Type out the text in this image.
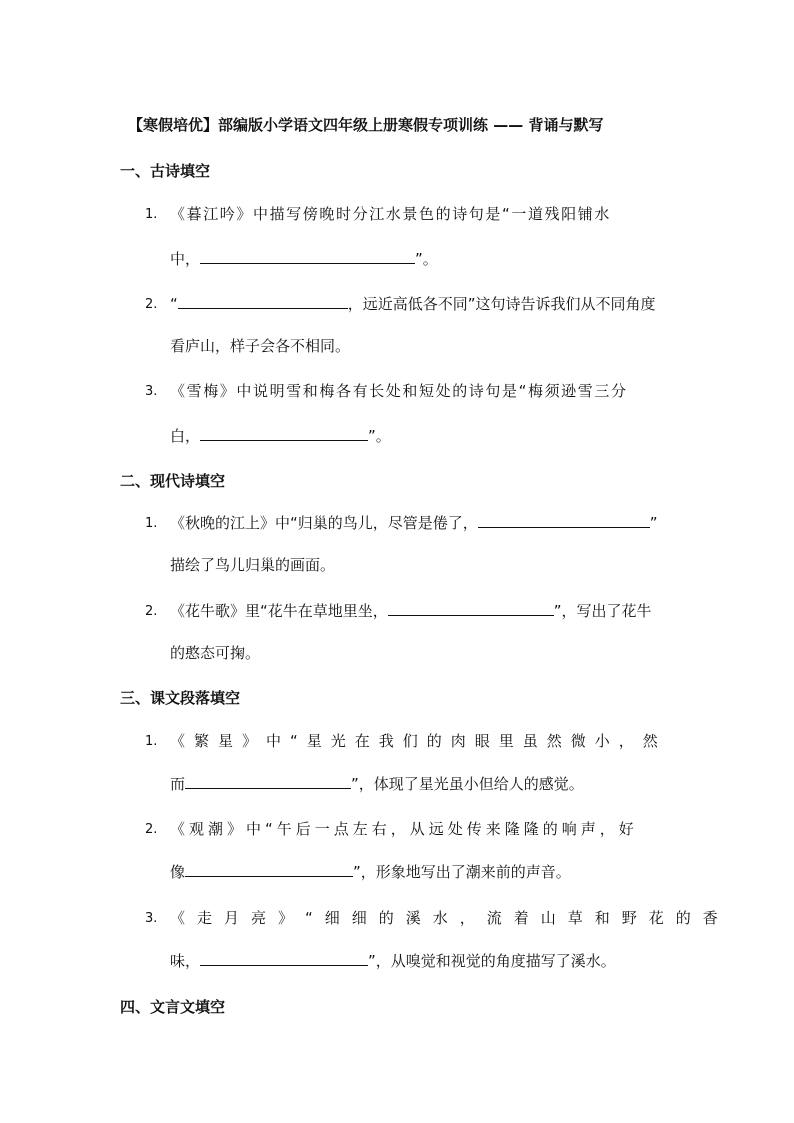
【寒假培优】部编版小学语文四年级上册寒假专项训练 —— 背诵与默写
一、古诗填空
1. 《暮江吟》中描写傍晚时分江水景色的诗句是“一道残阳铺水
中，	”。
2. “	，远近高低各不同”这句诗告诉我们从不同角度
看庐山，样子会各不相同。
3. 《雪梅》中说明雪和梅各有长处和短处的诗句是“梅须逊雪三分
白，	”。
二、现代诗填空
1. 《秋晚的江上》中“归巢的鸟儿，尽管是倦了，	”
描绘了鸟儿归巢的画面。
2. 《花牛歌》里“花牛在草地里坐，	”，写出了花牛
的憨态可掬。
三、课文段落填空
1. 《繁星》中“星光在我们的肉眼里虽然微小，然
而	”，体现了星光虽小但给人的感觉。
2. 《观潮》中“午后一点左右，从远处传来隆隆的响声，好
像	”，形象地写出了潮来前的声音。
3. 《走月亮》“细细的溪水，流着山草和野花的香
味，	”，从嗅觉和视觉的角度描写了溪水。
四、文言文填空
